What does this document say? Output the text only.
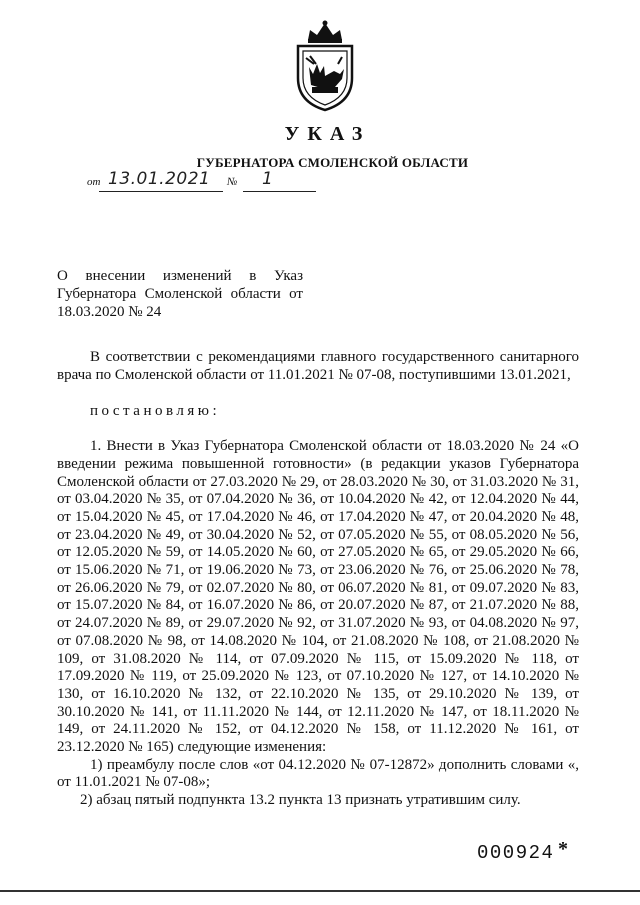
УКАЗ
ГУБЕРНАТОРА СМОЛЕНСКОЙ ОБЛАСТИ
от 13.01.2021 № 1
О внесении изменений в Указ Губернатора Смоленской области от 18.03.2020 № 24

В соответствии с рекомендациями главного государственного санитарного врача по Смоленской области от 11.01.2021 № 07-08, поступившими 13.01.2021,

постановляю:

1. Внести в Указ Губернатора Смоленской области от 18.03.2020 № 24 «О введении режима повышенной готовности» (в редакции указов Губернатора Смоленской области от 27.03.2020 № 29, от 28.03.2020 № 30, от 31.03.2020 № 31, от 03.04.2020 № 35, от 07.04.2020 № 36, от 10.04.2020 № 42, от 12.04.2020 № 44, от 15.04.2020 № 45, от 17.04.2020 № 46, от 17.04.2020 № 47, от 20.04.2020 № 48, от 23.04.2020 № 49, от 30.04.2020 № 52, от 07.05.2020 № 55, от 08.05.2020 № 56, от 12.05.2020 № 59, от 14.05.2020 № 60, от 27.05.2020 № 65, от 29.05.2020 № 66, от 15.06.2020 № 71, от 19.06.2020 № 73, от 23.06.2020 № 76, от 25.06.2020 № 78, от 26.06.2020 № 79, от 02.07.2020 № 80, от 06.07.2020 № 81, от 09.07.2020 № 83, от 15.07.2020 № 84, от 16.07.2020 № 86, от 20.07.2020 № 87, от 21.07.2020 № 88, от 24.07.2020 № 89, от 29.07.2020 № 92, от 31.07.2020 № 93, от 04.08.2020 № 97, от 07.08.2020 № 98, от 14.08.2020 № 104, от 21.08.2020 № 108, от 21.08.2020 № 109, от 31.08.2020 № 114, от 07.09.2020 № 115, от 15.09.2020 № 118, от 17.09.2020 № 119, от 25.09.2020 № 123, от 07.10.2020 № 127, от 14.10.2020 № 130, от 16.10.2020 № 132, от 22.10.2020 № 135, от 29.10.2020 № 139, от 30.10.2020 № 141, от 11.11.2020 № 144, от 12.11.2020 № 147, от 18.11.2020 № 149, от 24.11.2020 № 152, от 04.12.2020 № 158, от 11.12.2020 № 161, от 23.12.2020 № 165) следующие изменения:

1) преамбулу после слов «от 04.12.2020 № 07-12872» дополнить словами «, от 11.01.2021 № 07-08»;

2) абзац пятый подпункта 13.2 пункта 13 признать утратившим силу.

000924 *
